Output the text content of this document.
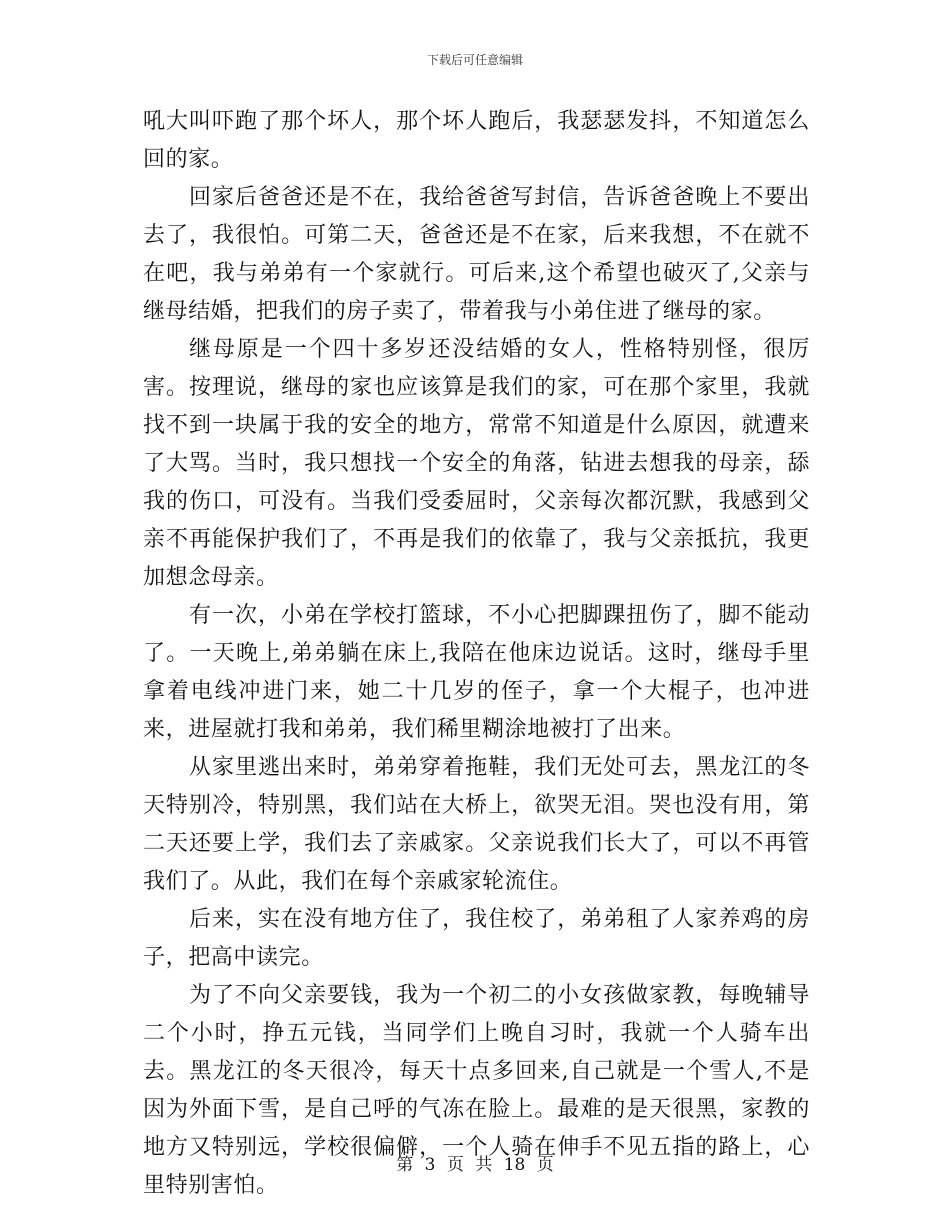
下载后可任意编辑

吼大叫吓跑了那个坏人，那个坏人跑后，我瑟瑟发抖，不知道怎么回的家。

回家后爸爸还是不在，我给爸爸写封信，告诉爸爸晚上不要出去了，我很怕。可第二天，爸爸还是不在家，后来我想，不在就不在吧，我与弟弟有一个家就行。可后来,这个希望也破灭了,父亲与继母结婚，把我们的房子卖了，带着我与小弟住进了继母的家。

继母原是一个四十多岁还没结婚的女人，性格特别怪，很厉害。按理说，继母的家也应该算是我们的家，可在那个家里，我就找不到一块属于我的安全的地方，常常不知道是什么原因，就遭来了大骂。当时，我只想找一个安全的角落，钻进去想我的母亲，舔我的伤口，可没有。当我们受委屈时，父亲每次都沉默，我感到父亲不再能保护我们了，不再是我们的依靠了，我与父亲抵抗，我更加想念母亲。

有一次，小弟在学校打篮球，不小心把脚踝扭伤了，脚不能动了。一天晚上,弟弟躺在床上,我陪在他床边说话。这时，继母手里拿着电线冲进门来，她二十几岁的侄子，拿一个大棍子，也冲进来，进屋就打我和弟弟，我们稀里糊涂地被打了出来。

从家里逃出来时，弟弟穿着拖鞋，我们无处可去，黑龙江的冬天特别冷，特别黑，我们站在大桥上，欲哭无泪。哭也没有用，第二天还要上学，我们去了亲戚家。父亲说我们长大了，可以不再管我们了。从此，我们在每个亲戚家轮流住。

后来，实在没有地方住了，我住校了，弟弟租了人家养鸡的房子，把高中读完。

为了不向父亲要钱，我为一个初二的小女孩做家教，每晚辅导二个小时，挣五元钱，当同学们上晚自习时，我就一个人骑车出去。黑龙江的冬天很冷，每天十点多回来,自己就是一个雪人,不是因为外面下雪，是自己呼的气冻在脸上。最难的是天很黑，家教的地方又特别远，学校很偏僻，一个人骑在伸手不见五指的路上，心里特别害怕。

第 3 页 共 18 页
